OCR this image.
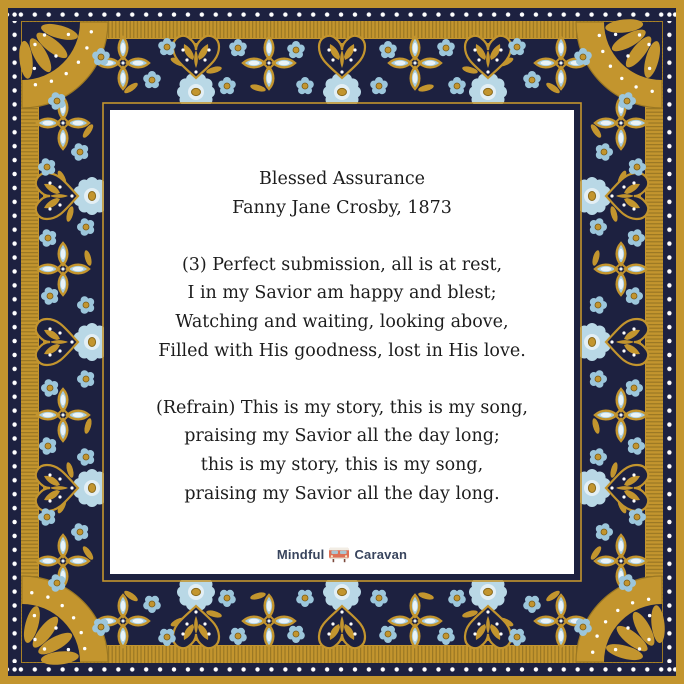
Blessed Assurance

Fanny Jane Crosby, 1873

(3) Perfect submission, all is at rest,

I in my Savior am happy and blest;

Watching and waiting, looking above,

Filled with His goodness, lost in His love.

(Refrain) This is my story, this is my song,

praising my Savior all the day long;

this is my story, this is my song,

praising my Savior all the day long.

Mindful Caravan
